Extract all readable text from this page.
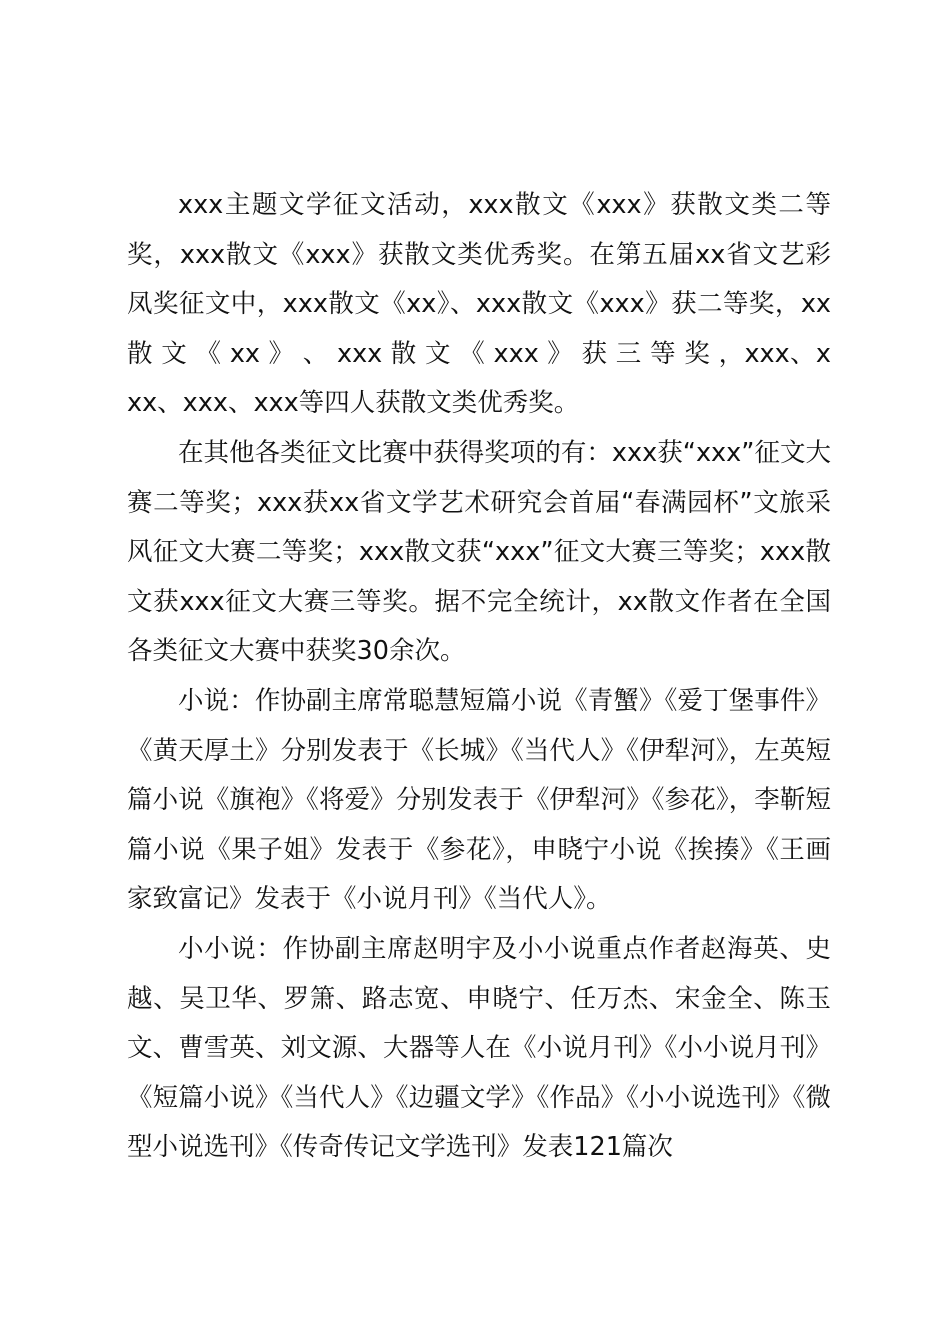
xxx主题文学征文活动，xxx散文《xxx》获散文类二等奖，xxx散文《xxx》获散文类优秀奖。在第五届xx省文艺彩凤奖征文中，xxx散文《xx》、xxx散文《xxx》获二等奖，xx 散 文 《 xx 》 、 xxx 散 文 《 xxx 》 获 三 等 奖 ，xxx、xxx、xxx、xxx等四人获散文类优秀奖。

在其他各类征文比赛中获得奖项的有：xxx获“xxx”征文大赛二等奖；xxx获xx省文学艺术研究会首届“春满园杯”文旅采风征文大赛二等奖；xxx散文获“xxx”征文大赛三等奖；xxx散文获xxx征文大赛三等奖。据不完全统计，xx散文作者在全国各类征文大赛中获奖30余次。

小说：作协副主席常聪慧短篇小说《青蟹》《爱丁堡事件》《黄天厚土》分别发表于《长城》《当代人》《伊犁河》，左英短篇小说《旗袍》《将爱》分别发表于《伊犁河》《参花》，李靳短篇小说《果子姐》发表于《参花》，申晓宁小说《挨揍》《王画家致富记》发表于《小说月刊》《当代人》。

小小说：作协副主席赵明宇及小小说重点作者赵海英、史越、吴卫华、罗箫、路志宽、申晓宁、任万杰、宋金全、陈玉文、曹雪英、刘文源、大器等人在《小说月刊》《小小说月刊》《短篇小说》《当代人》《边疆文学》《作品》《小小说选刊》《微型小说选刊》《传奇传记文学选刊》发表121篇次
